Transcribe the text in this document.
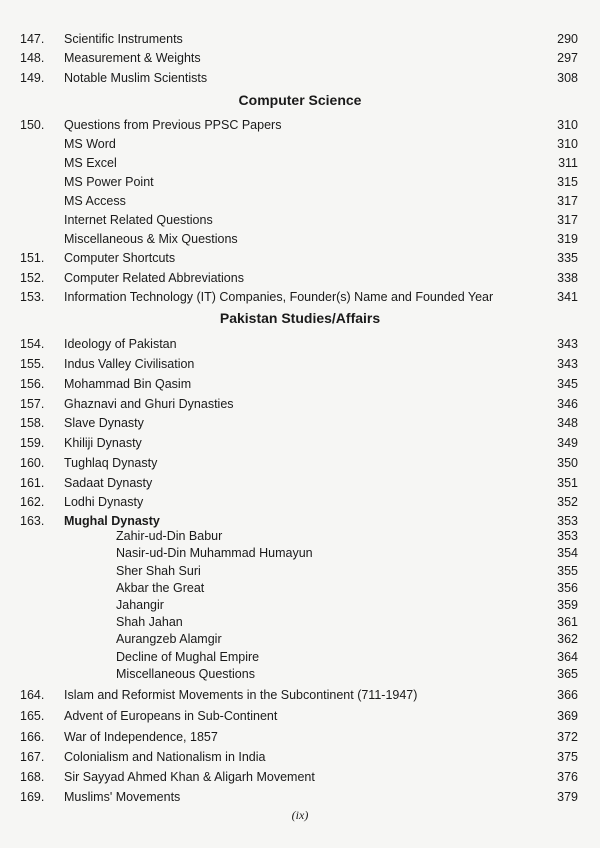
Computer Science
Pakistan Studies/Affairs
147.	Scientific Instruments	290
148.	Measurement & Weights	297
149.	Notable Muslim Scientists	308
150.	Questions from Previous PPSC Papers	310
MS Word	310
MS Excel	311
MS Power Point	315
MS Access	317
Internet Related Questions	317
Miscellaneous & Mix Questions	319
151.	Computer Shortcuts	335
152.	Computer Related Abbreviations	338
153.	Information Technology (IT) Companies, Founder(s) Name and Founded Year	341
154.	Ideology of Pakistan	343
155.	Indus Valley Civilisation	343
156.	Mohammad Bin Qasim	345
157.	Ghaznavi and Ghuri Dynasties	346
158.	Slave Dynasty	348
159.	Khiliji Dynasty	349
160.	Tughlaq Dynasty	350
161.	Sadaat Dynasty	351
162.	Lodhi Dynasty	352
163.	Mughal Dynasty	353
Zahir-ud-Din Babur	353
Nasir-ud-Din Muhammad Humayun	354
Sher Shah Suri	355
Akbar the Great	356
Jahangir	359
Shah Jahan	361
Aurangzeb Alamgir	362
Decline of Mughal Empire	364
Miscellaneous Questions	365
164.	Islam and Reformist Movements in the Subcontinent (711-1947)	366
165.	Advent of Europeans in Sub-Continent	369
166.	War of Independence, 1857	372
167.	Colonialism and Nationalism in India	375
168.	Sir Sayyad Ahmed Khan & Aligarh Movement	376
169.	Muslims' Movements	379
(ix)
